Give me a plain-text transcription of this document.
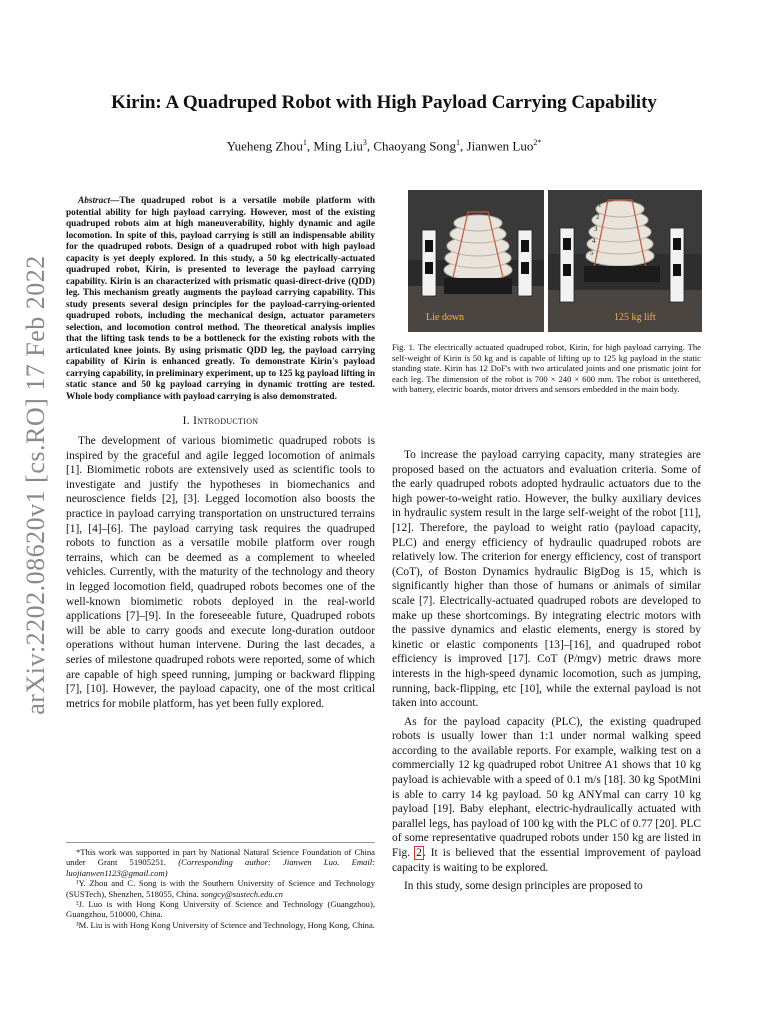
arXiv:2202.08620v1 [cs.RO] 17 Feb 2022
Kirin: A Quadruped Robot with High Payload Carrying Capability
Yueheng Zhou$^1$, Ming Liu$^3$, Chaoyang Song$^1$, Jianwen Luo$^{2*}$

Abstract—The quadruped robot is a versatile mobile platform with potential ability for high payload carrying. However, most of the existing quadruped robots aim at high maneuverability, highly dynamic and agile locomotion. In spite of this, payload carrying is still an indispensable ability for the quadruped robots. Design of a quadruped robot with high payload capacity is yet deeply explored. In this study, a 50 kg electrically-actuated quadruped robot, Kirin, is presented to leverage the payload carrying capability. Kirin is an characterized with prismatic quasi-direct-drive (QDD) leg. This mechanism greatly augments the payload carrying capability. This study presents several design principles for the payload-carrying-oriented quadruped robots, including the mechanical design, actuator parameters selection, and locomotion control method. The theoretical analysis implies that the lifting task tends to be a bottleneck for the existing robots with the articulated knee joints. By using prismatic QDD leg, the payload carrying capability of Kirin is enhanced greatly. To demonstrate Kirin's payload carrying capability, in preliminary experiment, up to 125 kg payload lifting in static stance and 50 kg payload carrying in dynamic trotting are tested. Whole body compliance with payload carrying is also demonstrated.

I. Introduction

The development of various biomimetic quadruped robots is inspired by the graceful and agile legged locomotion of animals [1]. Biomimetic robots are extensively used as scientific tools to investigate and justify the hypotheses in biomechanics and neuroscience fields [2], [3]. Legged locomotion also boosts the practice in payload carrying transportation on unstructured terrains [1], [4]–[6]. The payload carrying task requires the quadruped robots to function as a versatile mobile platform over rough terrains, which can be deemed as a complement to wheeled vehicles. Currently, with the maturity of the technology and theory in legged locomotion field, quadruped robots becomes one of the well-known biomimetic robots deployed in the real-world applications [7]–[9]. In the foreseeable future, Quadruped robots will be able to carry goods and execute long-duration outdoor operations without human intervene. During the last decades, a series of milestone quadruped robots were reported, some of which are capable of high speed running, jumping or backward flipping [7], [10]. However, the payload capacity, one of the most critical metrics for mobile platform, has yet been fully explored.

*This work was supported in part by National Natural Science Foundation of China under Grant 51905251. (Corresponding author: Jianwen Luo. Email: luojianwen1123@gmail.com)

¹Y. Zhou and C. Song is with the Southern University of Science and Technology (SUSTech), Shenzhen, 518055, China. songcy@sustech.edu.cn

²J. Luo is with Hong Kong University of Science and Technology (Guangzhou), Guangzhou, 510000, China.

³M. Liu is with Hong Kong University of Science and Technology, Hong Kong, China.

Lie down
1
2
3
4
5
125 kg lift

Fig. 1. The electrically actuated quadruped robot, Kirin, for high payload carrying. The self-weight of Kirin is 50 kg and is capable of lifting up to 125 kg payload in the static standing state. Kirin has 12 DoF's with two articulated joints and one prismatic joint for each leg. The dimension of the robot is 700 × 240 × 600 mm. The robot is untethered, with battery, electric boards, motor drivers and sensors embedded in the main body.

To increase the payload carrying capacity, many strategies are proposed based on the actuators and evaluation criteria. Some of the early quadruped robots adopted hydraulic actuators due to the high power-to-weight ratio. However, the bulky auxiliary devices in hydraulic system result in the large self-weight of the robot [11], [12]. Therefore, the payload to weight ratio (payload capacity, PLC) and energy efficiency of hydraulic quadruped robots are relatively low. The criterion for energy efficiency, cost of transport (CoT), of Boston Dynamics hydraulic BigDog is 15, which is significantly higher than those of humans or animals of similar scale [7]. Electrically-actuated quadruped robots are developed to make up these shortcomings. By integrating electric motors with the passive dynamics and elastic elements, energy is stored by kinetic or elastic components [13]–[16], and quadruped robot efficiency is improved [17]. CoT (P/mgv) metric draws more interests in the high-speed dynamic locomotion, such as jumping, running, back-flipping, etc [10], while the external payload is not taken into account.

As for the payload capacity (PLC), the existing quadruped robots is usually lower than 1:1 under normal walking speed according to the available reports. For example, walking test on a commercially 12 kg quadruped robot Unitree A1 shows that 10 kg payload is achievable with a speed of 0.1 m/s [18]. 30 kg SpotMini is able to carry 14 kg payload. 50 kg ANYmal can carry 10 kg payload [19]. Baby elephant, electric-hydraulically actuated with parallel legs, has payload of 100 kg with the PLC of 0.77 [20]. PLC of some representative quadruped robots under 150 kg are listed in Fig. 2. It is believed that the essential improvement of payload capacity is waiting to be explored.

In this study, some design principles are proposed to
